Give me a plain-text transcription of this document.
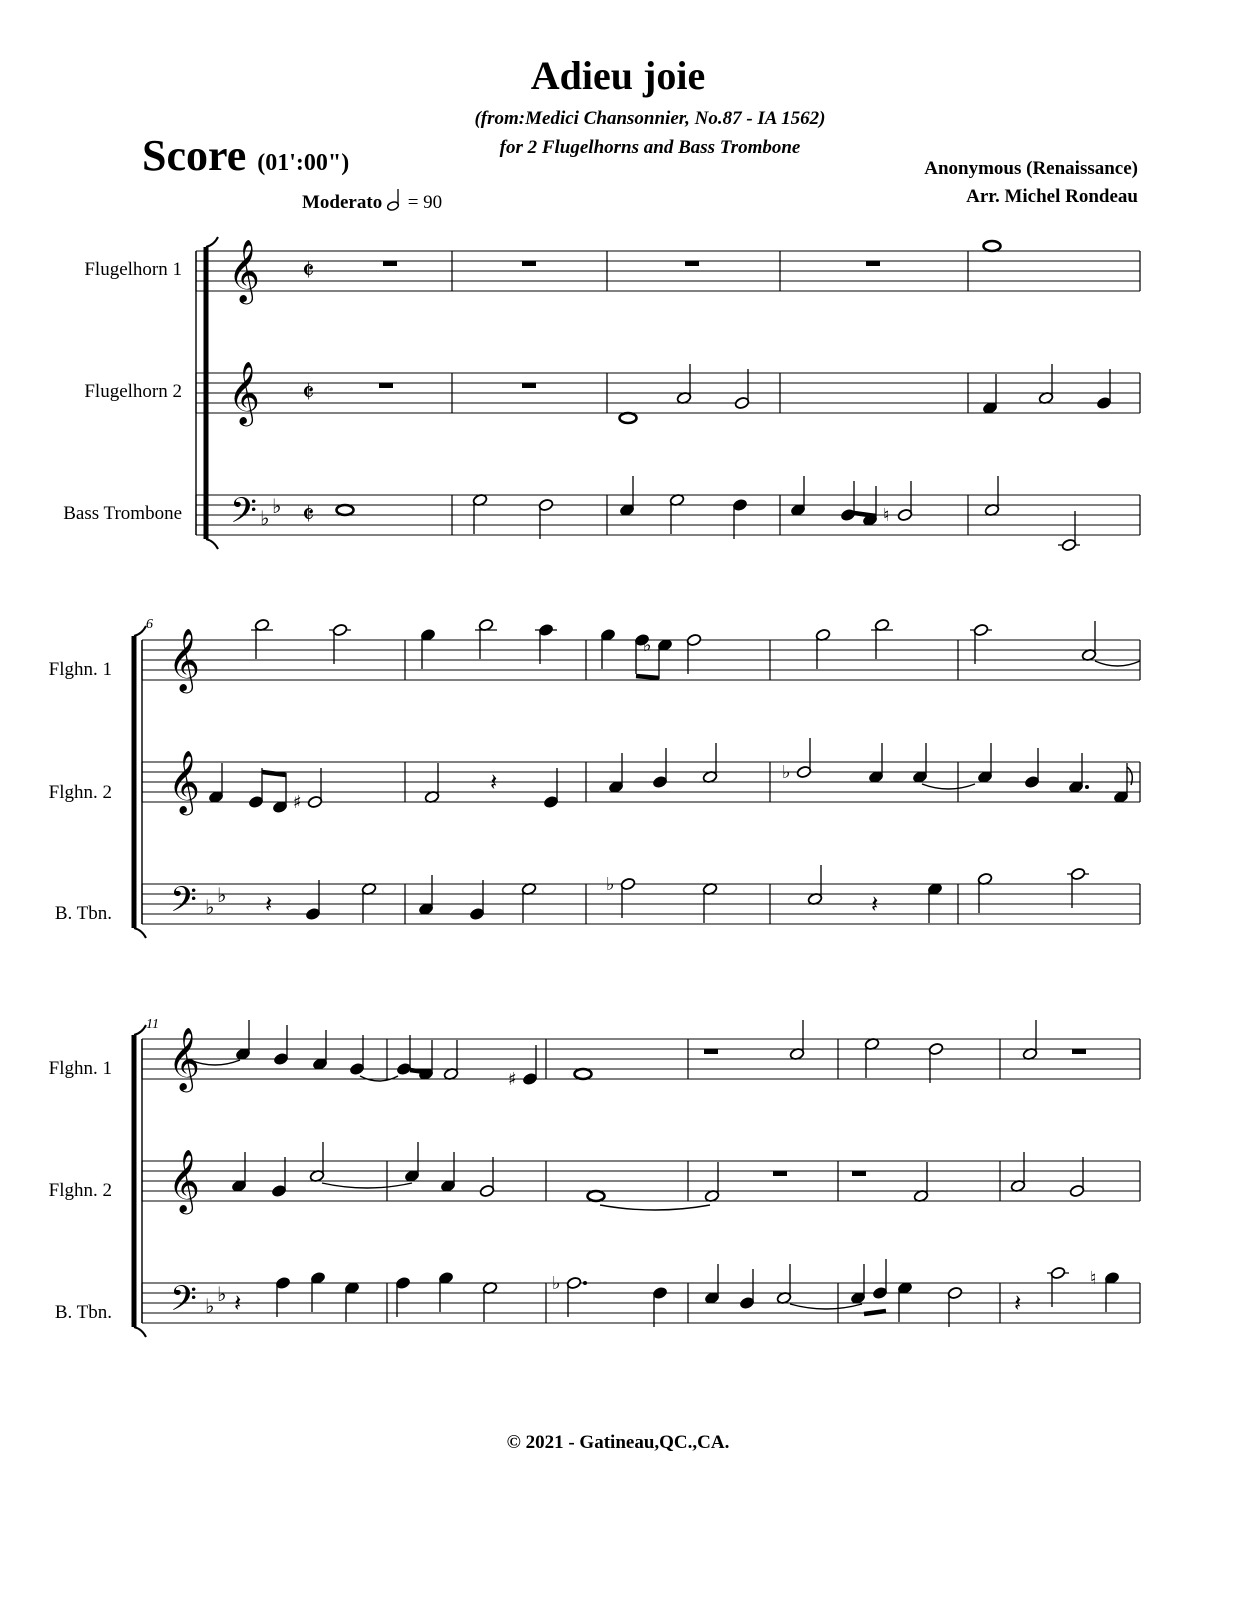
Adieu joie
(from:Medici Chansonnier, No.87 - IA 1562)
for 2 Flugelhorns and Bass Trombone
Score (01':00")	Anonymous (Renaissance)
Arr. Michel Rondeau
Moderato = 90
Flugelhorn 1
Flugelhorn 2
Bass Trombone
Flghn. 1
Flghn. 2
B. Tbn.
Flghn. 1
Flghn. 2
B. Tbn.
6
11
𝄞
𝄞
𝄢 ♭ ♭
𝄵
𝄵
𝄵	♮
𝄞
𝄞
𝄢 ♭ ♭
♭
♯
𝄽	♭
𝄽
♭
𝄽
𝄞
𝄞
𝄢 ♭ ♭
♯
𝄽
♭
𝄽
♮
© 2021 - Gatineau,QC.,CA.
